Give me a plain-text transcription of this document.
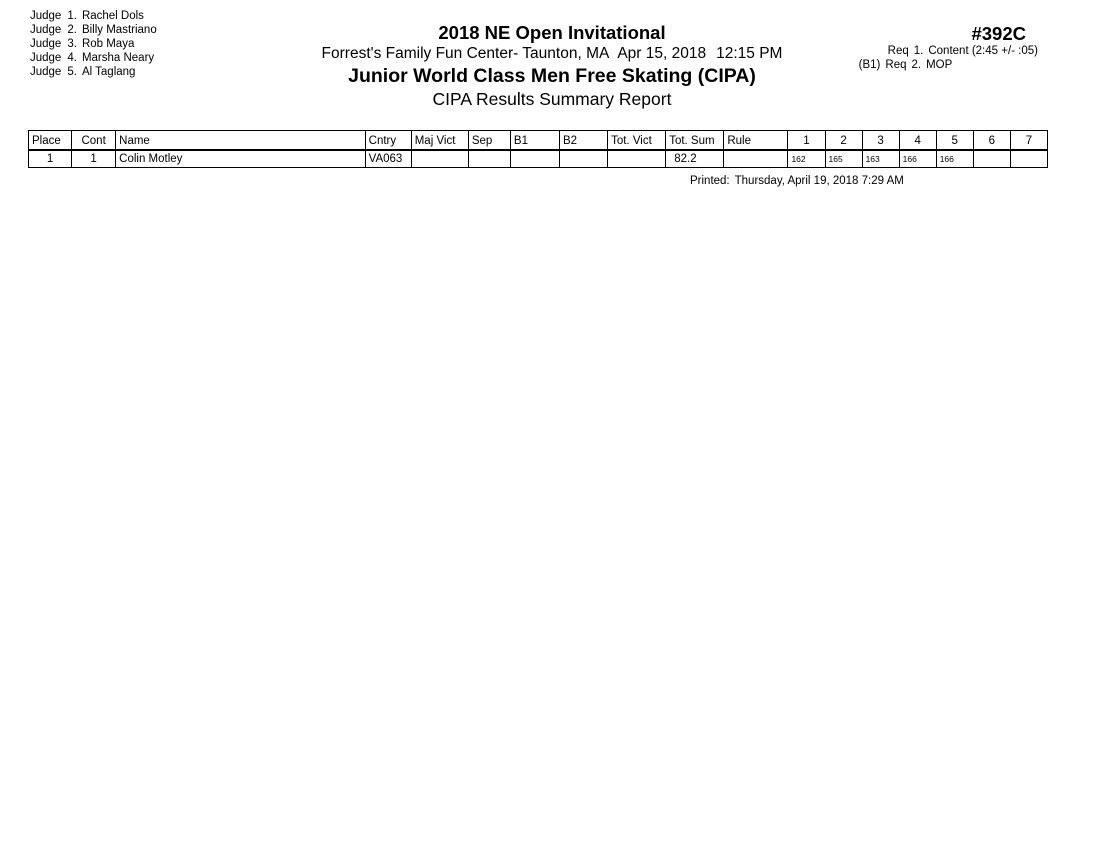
Judge 1. Rachel Dols
Judge 2. Billy Mastriano
Judge 3. Rob Maya
Judge 4. Marsha Neary
Judge 5. Al Taglang
2018 NE Open Invitational
Forrest's Family Fun Center- Taunton, MA Apr 15, 2018 12:15 PM
Junior World Class Men Free Skating (CIPA)
CIPA Results Summary Report
#392C
Req 1. Content (2:45 +/- :05)
(B1) Req 2. MOP
Place	Cont	Name	Cntry	Maj Vict	Sep	B1	B2	Tot. Vict	Tot. Sum	Rule	1	2	3	4	5	6	7
1	1	Colin Motley	VA063						82.2		162	165	163	166	166		
Printed: Thursday, April 19, 2018 7:29 AM
